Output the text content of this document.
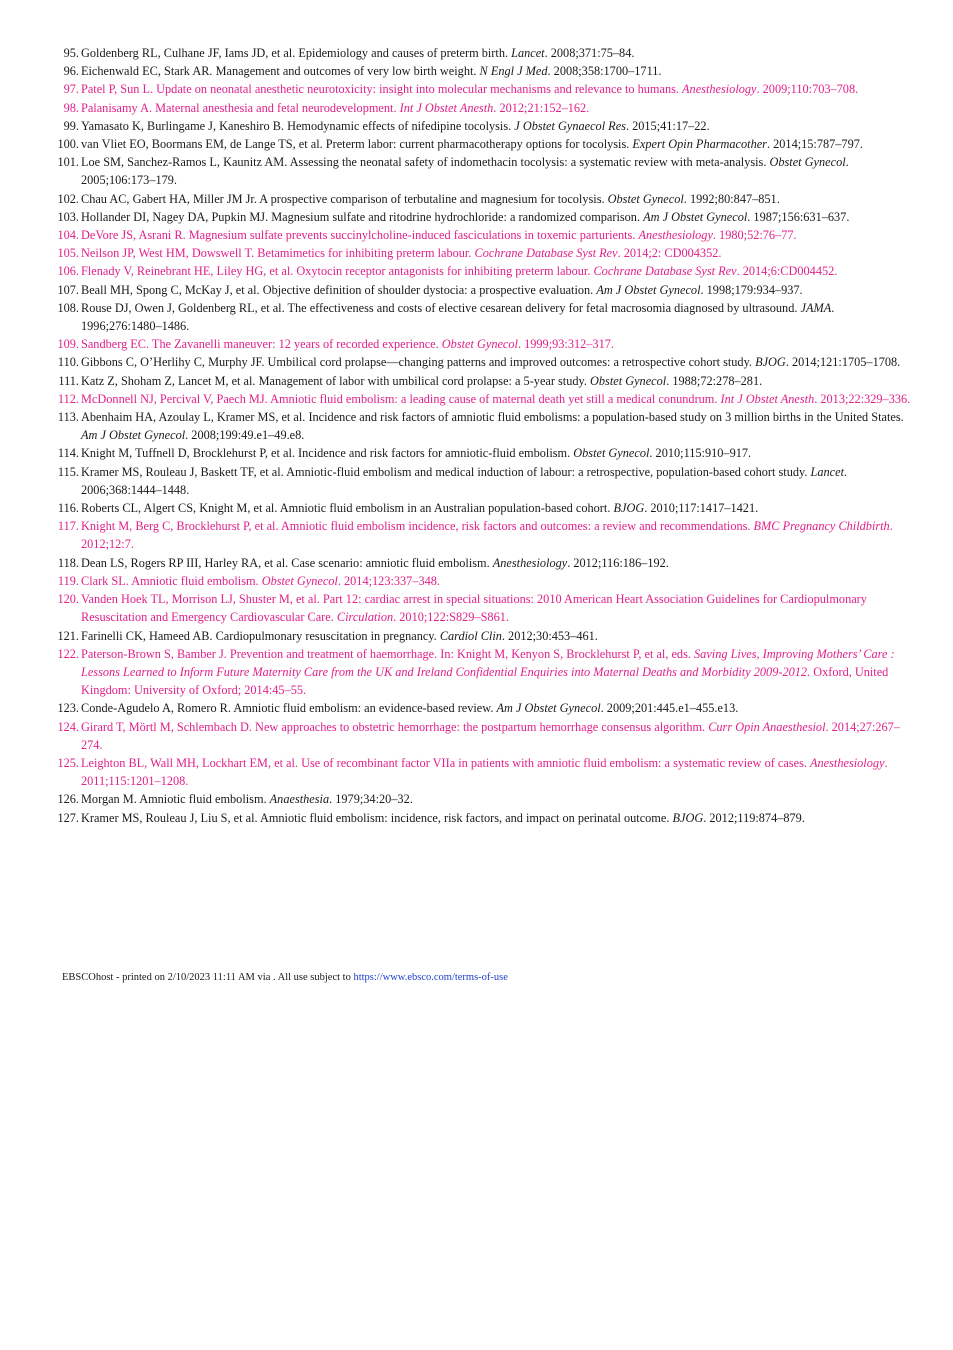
95. Goldenberg RL, Culhane JF, Iams JD, et al. Epidemiology and causes of preterm birth. Lancet. 2008;371:75–84.
96. Eichenwald EC, Stark AR. Management and outcomes of very low birth weight. N Engl J Med. 2008;358:1700–1711.
97. Patel P, Sun L. Update on neonatal anesthetic neurotoxicity: insight into molecular mechanisms and relevance to humans. Anesthesiology. 2009;110:703–708.
98. Palanisamy A. Maternal anesthesia and fetal neurodevelopment. Int J Obstet Anesth. 2012;21:152–162.
99. Yamasato K, Burlingame J, Kaneshiro B. Hemodynamic effects of nifedipine tocolysis. J Obstet Gynaecol Res. 2015;41:17–22.
100. van Vliet EO, Boormans EM, de Lange TS, et al. Preterm labor: current pharmacotherapy options for tocolysis. Expert Opin Pharmacother. 2014;15:787–797.
101. Loe SM, Sanchez-Ramos L, Kaunitz AM. Assessing the neonatal safety of indomethacin tocolysis: a systematic review with meta-analysis. Obstet Gynecol. 2005;106:173–179.
102. Chau AC, Gabert HA, Miller JM Jr. A prospective comparison of terbutaline and magnesium for tocolysis. Obstet Gynecol. 1992;80:847–851.
103. Hollander DI, Nagey DA, Pupkin MJ. Magnesium sulfate and ritodrine hydrochloride: a randomized comparison. Am J Obstet Gynecol. 1987;156:631–637.
104. DeVore JS, Asrani R. Magnesium sulfate prevents succinylcholine-induced fasciculations in toxemic parturients. Anesthesiology. 1980;52:76–77.
105. Neilson JP, West HM, Dowswell T. Betamimetics for inhibiting preterm labour. Cochrane Database Syst Rev. 2014;2: CD004352.
106. Flenady V, Reinebrant HE, Liley HG, et al. Oxytocin receptor antagonists for inhibiting preterm labour. Cochrane Database Syst Rev. 2014;6:CD004452.
107. Beall MH, Spong C, McKay J, et al. Objective definition of shoulder dystocia: a prospective evaluation. Am J Obstet Gynecol. 1998;179:934–937.
108. Rouse DJ, Owen J, Goldenberg RL, et al. The effectiveness and costs of elective cesarean delivery for fetal macrosomia diagnosed by ultrasound. JAMA. 1996;276:1480–1486.
109. Sandberg EC. The Zavanelli maneuver: 12 years of recorded experience. Obstet Gynecol. 1999;93:312–317.
110. Gibbons C, O’Herlihy C, Murphy JF. Umbilical cord prolapse—changing patterns and improved outcomes: a retrospective cohort study. BJOG. 2014;121:1705–1708.
111. Katz Z, Shoham Z, Lancet M, et al. Management of labor with umbilical cord prolapse: a 5-year study. Obstet Gynecol. 1988;72:278–281.
112. McDonnell NJ, Percival V, Paech MJ. Amniotic fluid embolism: a leading cause of maternal death yet still a medical conundrum. Int J Obstet Anesth. 2013;22:329–336.
113. Abenhaim HA, Azoulay L, Kramer MS, et al. Incidence and risk factors of amniotic fluid embolisms: a population-based study on 3 million births in the United States. Am J Obstet Gynecol. 2008;199:49.e1–49.e8.
114. Knight M, Tuffnell D, Brocklehurst P, et al. Incidence and risk factors for amniotic-fluid embolism. Obstet Gynecol. 2010;115:910–917.
115. Kramer MS, Rouleau J, Baskett TF, et al. Amniotic-fluid embolism and medical induction of labour: a retrospective, population-based cohort study. Lancet. 2006;368:1444–1448.
116. Roberts CL, Algert CS, Knight M, et al. Amniotic fluid embolism in an Australian population-based cohort. BJOG. 2010;117:1417–1421.
117. Knight M, Berg C, Brocklehurst P, et al. Amniotic fluid embolism incidence, risk factors and outcomes: a review and recommendations. BMC Pregnancy Childbirth. 2012;12:7.
118. Dean LS, Rogers RP III, Harley RA, et al. Case scenario: amniotic fluid embolism. Anesthesiology. 2012;116:186–192.
119. Clark SL. Amniotic fluid embolism. Obstet Gynecol. 2014;123:337–348.
120. Vanden Hoek TL, Morrison LJ, Shuster M, et al. Part 12: cardiac arrest in special situations: 2010 American Heart Association Guidelines for Cardiopulmonary Resuscitation and Emergency Cardiovascular Care. Circulation. 2010;122:S829–S861.
121. Farinelli CK, Hameed AB. Cardiopulmonary resuscitation in pregnancy. Cardiol Clin. 2012;30:453–461.
122. Paterson-Brown S, Bamber J. Prevention and treatment of haemorrhage. In: Knight M, Kenyon S, Brocklehurst P, et al, eds. Saving Lives, Improving Mothers’ Care : Lessons Learned to Inform Future Maternity Care from the UK and Ireland Confidential Enquiries into Maternal Deaths and Morbidity 2009-2012. Oxford, United Kingdom: University of Oxford; 2014:45–55.
123. Conde-Agudelo A, Romero R. Amniotic fluid embolism: an evidence-based review. Am J Obstet Gynecol. 2009;201:445.e1–455.e13.
124. Girard T, Mörtl M, Schlembach D. New approaches to obstetric hemorrhage: the postpartum hemorrhage consensus algorithm. Curr Opin Anaesthesiol. 2014;27:267–274.
125. Leighton BL, Wall MH, Lockhart EM, et al. Use of recombinant factor VIIa in patients with amniotic fluid embolism: a systematic review of cases. Anesthesiology. 2011;115:1201–1208.
126. Morgan M. Amniotic fluid embolism. Anaesthesia. 1979;34:20–32.
127. Kramer MS, Rouleau J, Liu S, et al. Amniotic fluid embolism: incidence, risk factors, and impact on perinatal outcome. BJOG. 2012;119:874–879.
EBSCOhost - printed on 2/10/2023 11:11 AM via . All use subject to https://www.ebsco.com/terms-of-use
